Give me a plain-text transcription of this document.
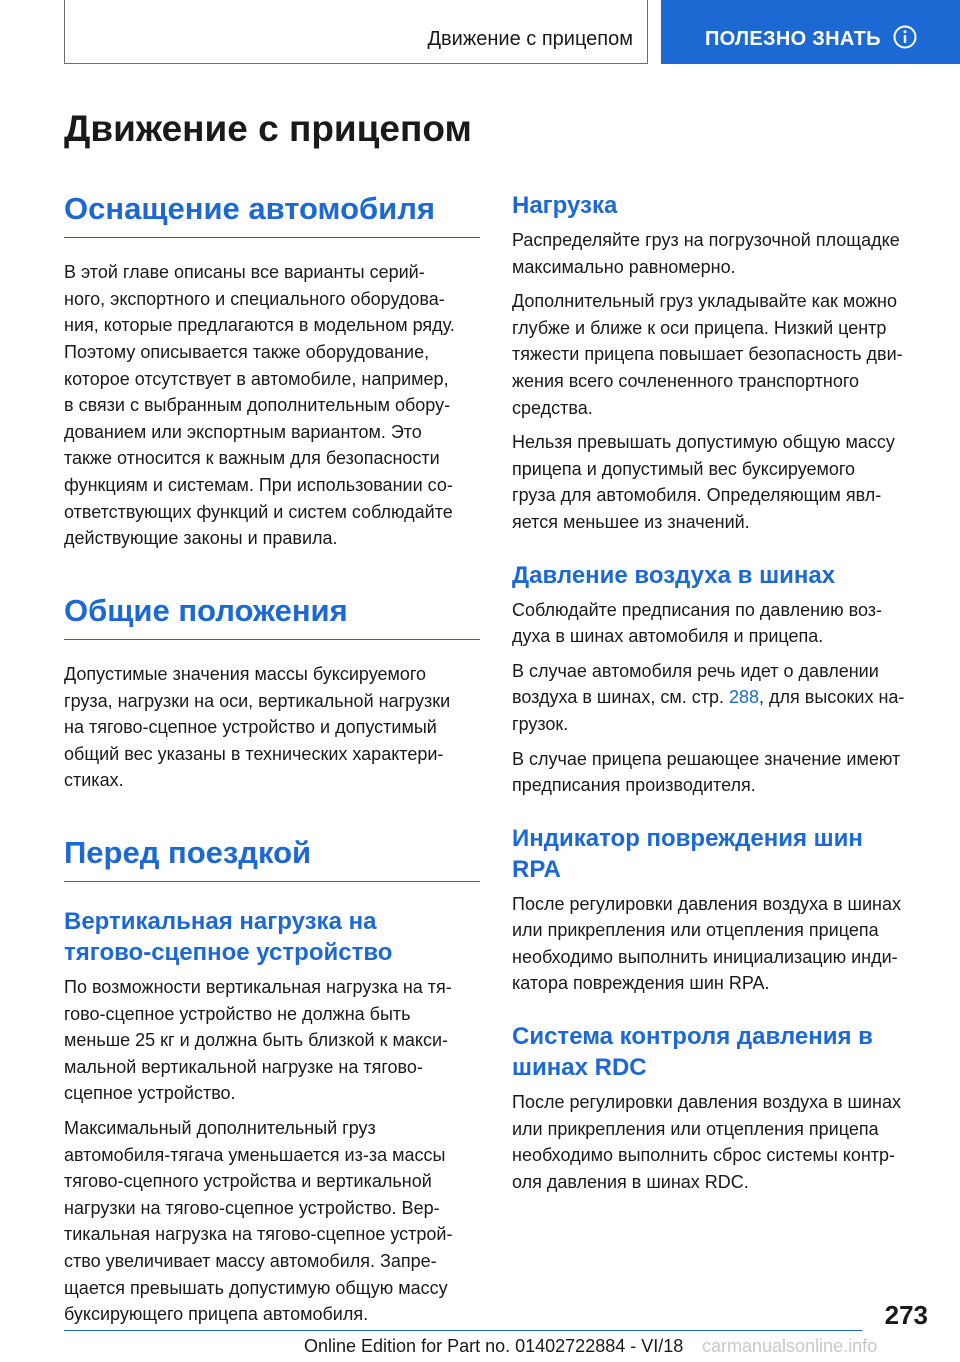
Движение с прицепом	ПОЛЕЗНО ЗНАТЬ
Движение с прицепом
Оснащение автомобиля

В этой главе описаны все варианты серий-
ного, экспортного и специального оборудова-
ния, которые предлагаются в модельном ряду.
Поэтому описывается также оборудование,
которое отсутствует в автомобиле, например,
в связи с выбранным дополнительным обору-
дованием или экспортным вариантом. Это
также относится к важным для безопасности
функциям и системам. При использовании со-
ответствующих функций и систем соблюдайте
действующие законы и правила.

Общие положения

Допустимые значения массы буксируемого
груза, нагрузки на оси, вертикальной нагрузки
на тягово-сцепное устройство и допустимый
общий вес указаны в технических характери-
стиках.

Перед поездкой
Вертикальная нагрузка на
тягово-сцепное устройство

По возможности вертикальная нагрузка на тя-
гово-сцепное устройство не должна быть
меньше 25 кг и должна быть близкой к макси-
мальной вертикальной нагрузке на тягово-
сцепное устройство.

Максимальный дополнительный груз
автомобиля-тягача уменьшается из-за массы
тягово-сцепного устройства и вертикальной
нагрузки на тягово-сцепное устройство. Вер-
тикальная нагрузка на тягово-сцепное устрой-
ство увеличивает массу автомобиля. Запре-
щается превышать допустимую общую массу
буксирующего прицепа автомобиля.

Нагрузка

Распределяйте груз на погрузочной площадке
максимально равномерно.

Дополнительный груз укладывайте как можно
глубже и ближе к оси прицепа. Низкий центр
тяжести прицепа повышает безопасность дви-
жения всего сочлененного транспортного
средства.

Нельзя превышать допустимую общую массу
прицепа и допустимый вес буксируемого
груза для автомобиля. Определяющим явл-
яется меньшее из значений.

Давление воздуха в шинах

Соблюдайте предписания по давлению воз-
духа в шинах автомобиля и прицепа.

В случае автомобиля речь идет о давлении
воздуха в шинах, см. стр. 288, для высоких на-
грузок.

В случае прицепа решающее значение имеют
предписания производителя.

Индикатор повреждения шин
RPA

После регулировки давления воздуха в шинах
или прикрепления или отцепления прицепа
необходимо выполнить инициализацию инди-
катора повреждения шин RPA.

Система контроля давления в
шинах RDC

После регулировки давления воздуха в шинах
или прикрепления или отцепления прицепа
необходимо выполнить сброс системы контр-
оля давления в шинах RDC.

273
Online Edition for Part no. 01402722884 - VI/18 carmanualsonline.info
